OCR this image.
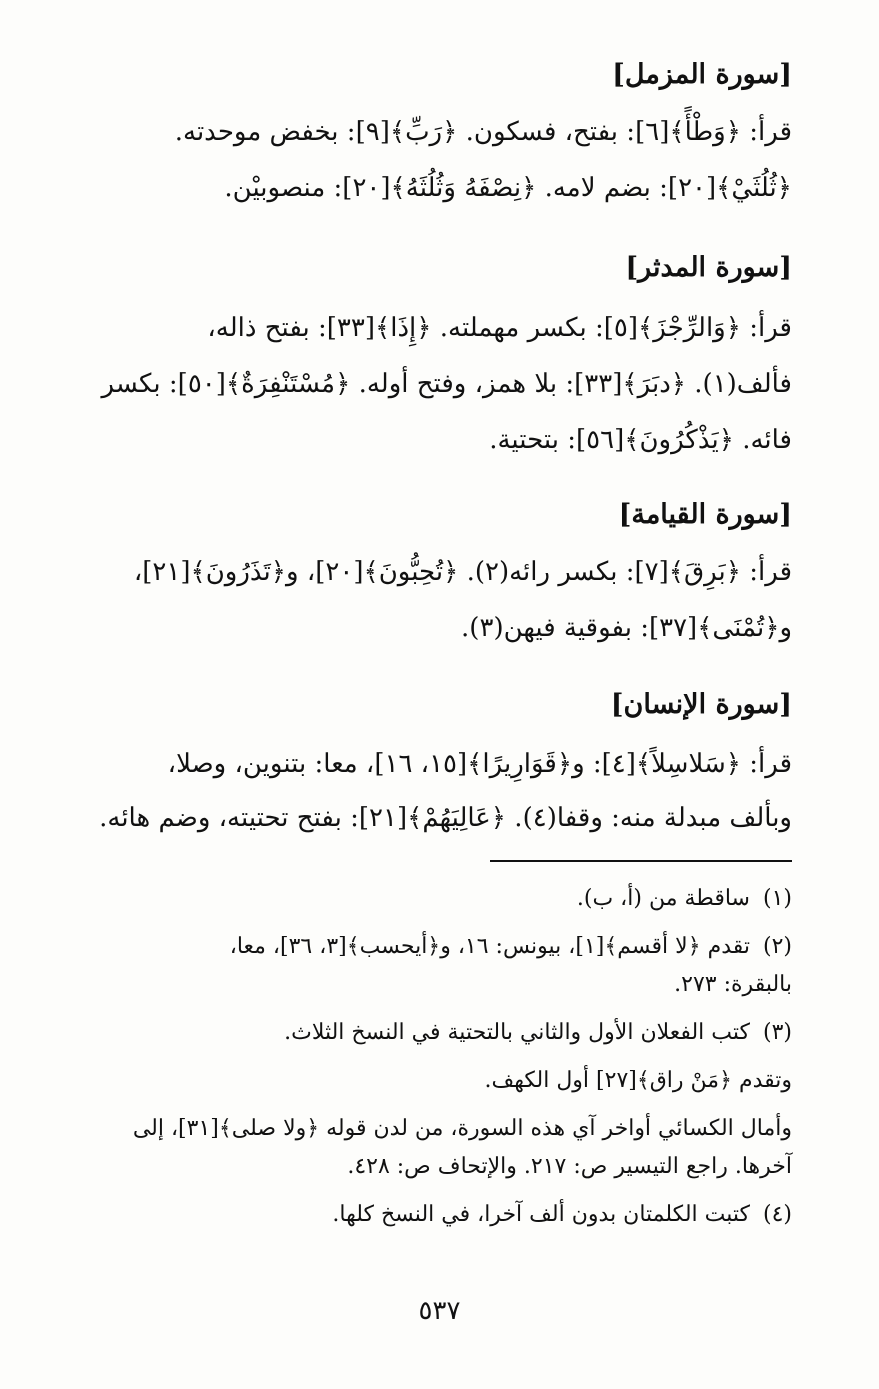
[سورة المزمل]
قرأ: ﴿وَطْأً﴾[٦]: بفتح، فسكون. ﴿رَبِّ﴾[٩]: بخفض موحدته.
﴿ثُلُثَيْ﴾[٢٠]: بضم لامه. ﴿نِصْفَهُ وَثُلُثَهُ﴾[٢٠]: منصوبيْن.
[سورة المدثر]
قرأ: ﴿وَالرِّجْزَ﴾[٥]: بكسر مهملته. ﴿إِذَا﴾[٣٣]: بفتح ذاله،
فألف(١). ﴿دبَرَ﴾[٣٣]: بلا همز، وفتح أوله. ﴿مُسْتَنْفِرَةٌ﴾[٥٠]: بكسر
فائه. ﴿يَذْكُرُونَ﴾[٥٦]: بتحتية.
[سورة القيامة]
قرأ: ﴿بَرِقَ﴾[٧]: بكسر رائه(٢). ﴿تُحِبُّونَ﴾[٢٠]، و﴿تَذَرُونَ﴾[٢١]،
و﴿تُمْنَى﴾[٣٧]: بفوقية فيهن(٣).
[سورة الإنسان]
قرأ: ﴿سَلاسِلاً﴾[٤]: و﴿قَوَارِيرًا﴾[١٥، ١٦]، معا: بتنوين، وصلا،
وبألف مبدلة منه: وقفا(٤). ﴿عَالِيَهُمْ﴾[٢١]: بفتح تحتيته، وضم هائه.
(١)ساقطة من (أ، ب).
(٢)تقدم ﴿لا أقسم﴾[١]، بيونس: ١٦، و﴿أيحسب﴾[٣، ٣٦]، معا،
بالبقرة: ٢٧٣.
(٣)كتب الفعلان الأول والثاني بالتحتية في النسخ الثلاث.
وتقدم ﴿مَنْ راق﴾[٢٧] أول الكهف.
وأمال الكسائي أواخر آي هذه السورة، من لدن قوله ﴿ولا صلى﴾[٣١]، إلى
آخرها. راجع التيسير ص: ٢١٧. والإتحاف ص: ٤٢٨.
(٤)كتبت الكلمتان بدون ألف آخرا، في النسخ كلها.
٥٣٧
